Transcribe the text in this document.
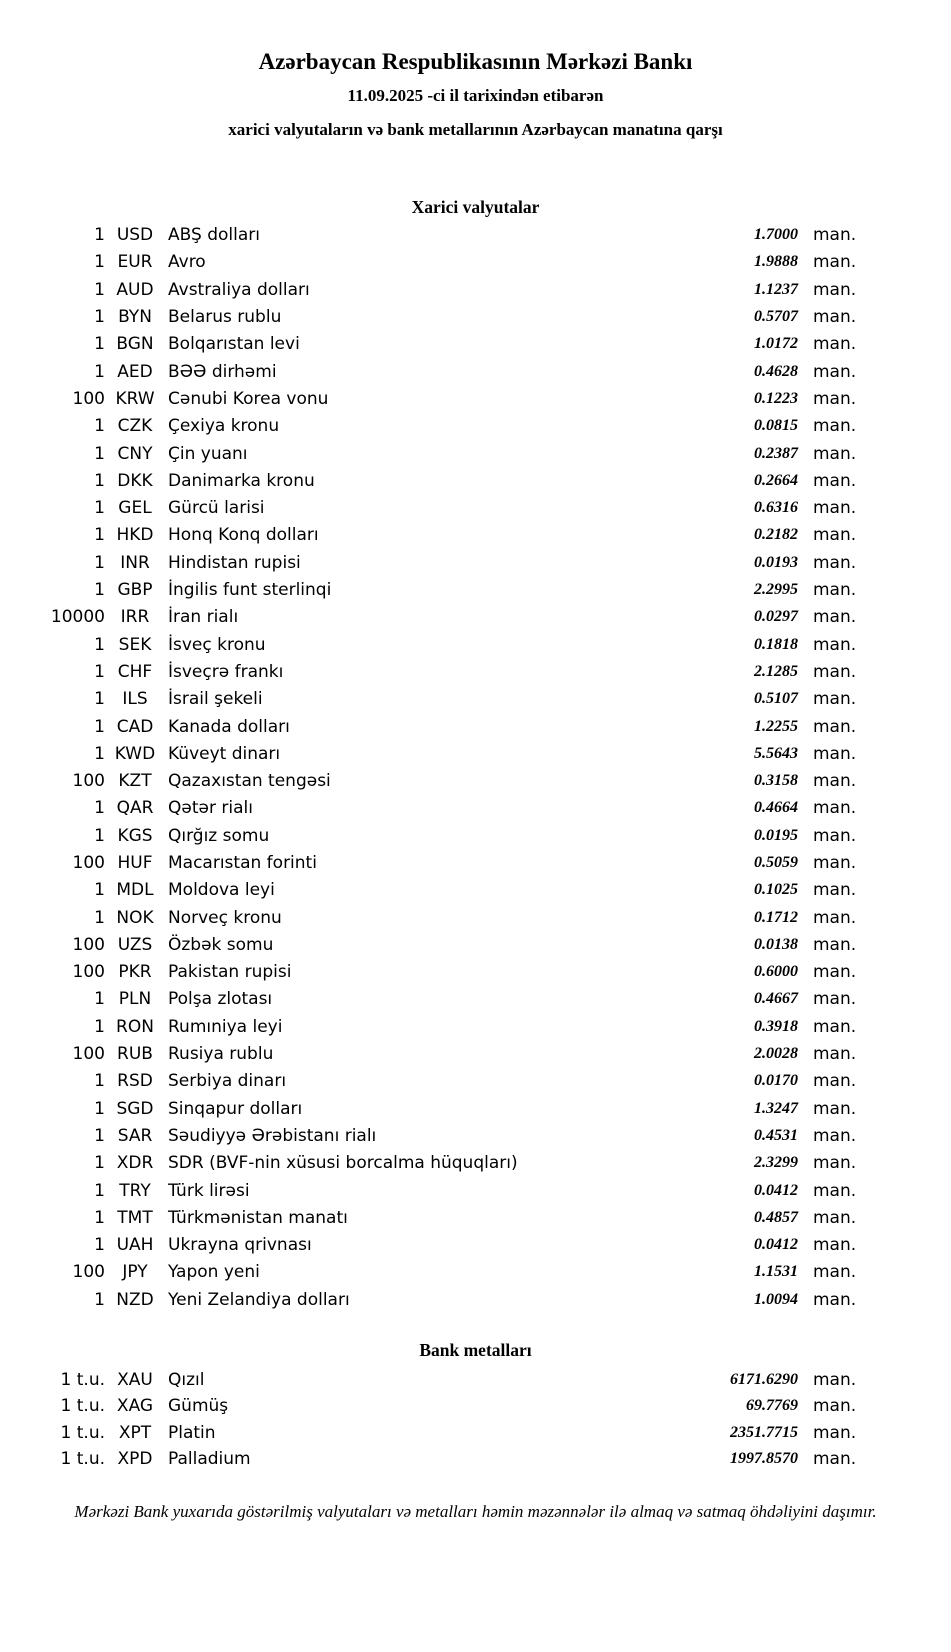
Azərbaycan Respublikasının Mərkəzi Bankı

11.09.2025 -ci il tarixindən etibarən

xarici valyutaların və bank metallarının Azərbaycan manatına qarşı

Xarici valyutalar
1 USD ABŞ dolları	1.7000 man.
1 EUR Avro	1.9888 man.
1 AUD Avstraliya dolları	1.1237 man.
1 BYN Belarus rublu	0.5707 man.
1 BGN Bolqarıstan levi	1.0172 man.
1 AED BƏƏ dirhəmi	0.4628 man.
100 KRW Cənubi Korea vonu	0.1223 man.
1 CZK Çexiya kronu	0.0815 man.
1 CNY Çin yuanı	0.2387 man.
1 DKK Danimarka kronu	0.2664 man.
1 GEL Gürcü larisi	0.6316 man.
1 HKD Honq Konq dolları	0.2182 man.
1 INR	Hindistan rupisi	0.0193 man.
1 GBP İngilis funt sterlinqi	2.2995 man.
10000 IRR	İran rialı	0.0297 man.
1 SEK İsveç kronu	0.1818 man.
1 CHF İsveçrə frankı	2.1285 man.
1	ILS	İsrail şekeli	0.5107 man.
1 CAD Kanada dolları	1.2255 man.
1 KWD Küveyt dinarı	5.5643 man.
100 KZT Qazaxıstan tengəsi	0.3158 man.
1 QAR Qətər rialı	0.4664 man.
1 KGS Qırğız somu	0.0195 man.
100 HUF Macarıstan forinti	0.5059 man.
1 MDL Moldova leyi	0.1025 man.
1 NOK Norveç kronu	0.1712 man.
100 UZS Özbək somu	0.0138 man.
100 PKR Pakistan rupisi	0.6000 man.
1 PLN Polşa zlotası	0.4667 man.
1 RON Rumıniya leyi	0.3918 man.
100 RUB Rusiya rublu	2.0028 man.
1 RSD Serbiya dinarı	0.0170 man.
1 SGD Sinqapur dolları	1.3247 man.
1 SAR Səudiyyə Ərəbistanı rialı	0.4531 man.
1 XDR SDR (BVF-nin xüsusi borcalma hüquqları)	2.3299 man.
1 TRY	Türk lirəsi	0.0412 man.
1 TMT Türkmənistan manatı	0.4857 man.
1 UAH Ukrayna qrivnası	0.0412 man.
100	JPY	Yapon yeni	1.1531 man.
1 NZD Yeni Zelandiya dolları	1.0094 man.
Bank metalları
1 t.u. XAU Qızıl	6171.6290 man.
1 t.u. XAG Gümüş	69.7769 man.
1 t.u. XPT Platin	2351.7715 man.
1 t.u. XPD Palladium	1997.8570 man.
Mərkəzi Bank yuxarıda göstərilmiş valyutaları və metalları həmin məzənnələr ilə almaq və satmaq öhdəliyini daşımır.
